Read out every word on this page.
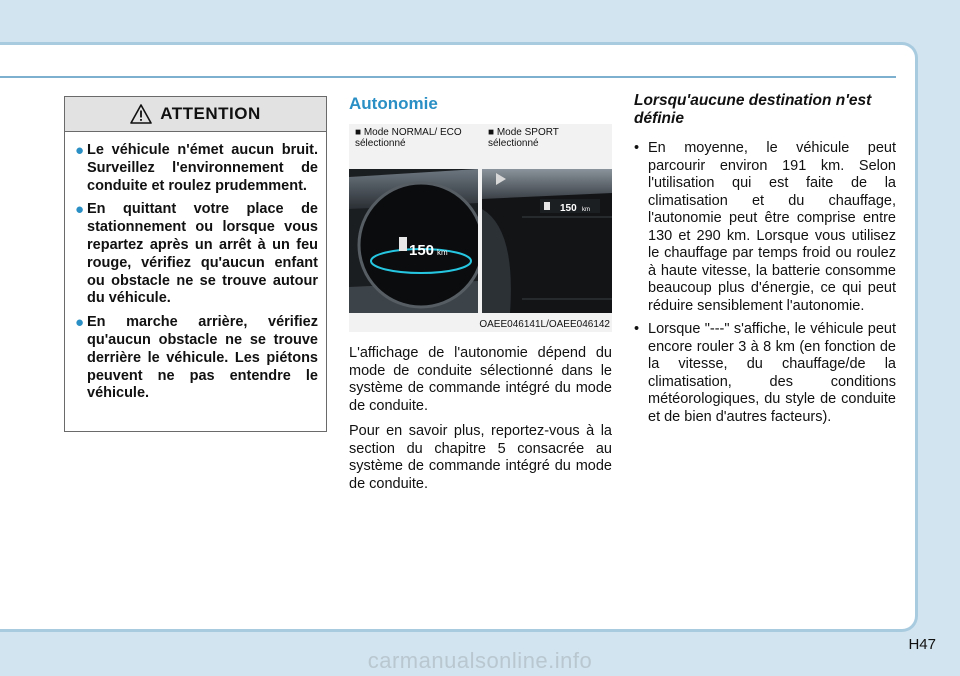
ATTENTION
● Le véhicule n'émet aucun bruit. Surveillez l'environnement de conduite et roulez prudemment.
● En quittant votre place de stationnement ou lorsque vous repartez après un arrêt à un feu rouge, vérifiez qu'aucun enfant ou obstacle ne se trouve autour du véhicule.
● En marche arrière, vérifiez qu'aucun obstacle ne se trouve derrière le véhicule. Les piétons peuvent ne pas entendre le véhicule.
Autonomie
■ Mode NORMAL/ ECO sélectionné
■ Mode SPORT sélectionné
150 km
150 km
OAEE046141L/OAEE046142

L'affichage de l'autonomie dépend du mode de conduite sélectionné dans le système de commande intégré du mode de conduite.

Pour en savoir plus, reportez-vous à la section du chapitre 5 consacrée au système de commande intégré du mode de conduite.

Lorsqu'aucune destination n'est définie
• En moyenne, le véhicule peut parcourir environ 191 km. Selon l'utilisation qui est faite de la climatisation et du chauffage, l'autonomie peut être comprise entre 130 et 290 km. Lorsque vous utilisez le chauffage par temps froid ou roulez à haute vitesse, la batterie consomme beaucoup plus d'énergie, ce qui peut réduire sensiblement l'autonomie.
• Lorsque "---" s'affiche, le véhicule peut encore rouler 3 à 8 km (en fonction de la vitesse, du chauffage/de la climatisation, des conditions météorologiques, du style de conduite et de bien d'autres facteurs).
H47
carmanualsonline.info
